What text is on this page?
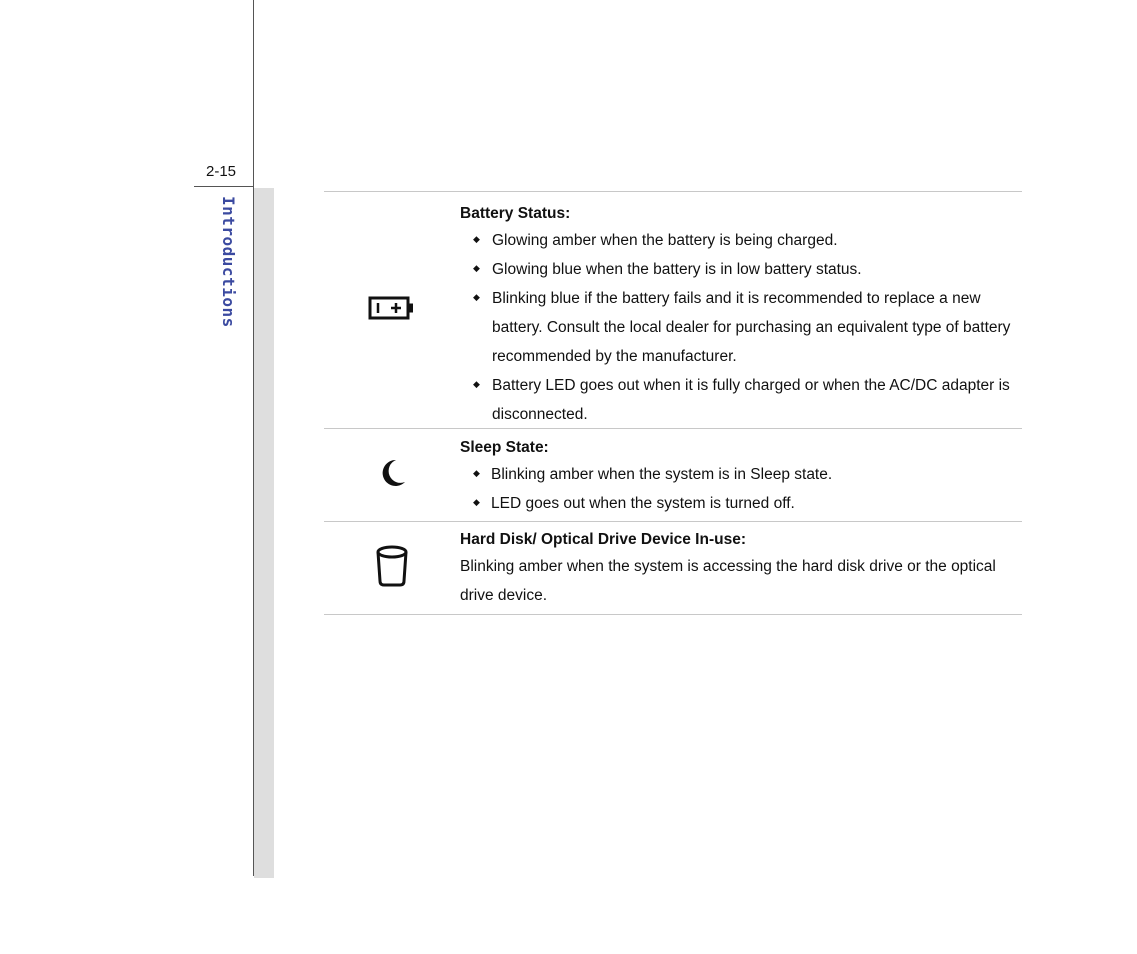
2-15
Introductions	Battery Status:
◆ Glowing amber when the battery is being charged.
◆ Glowing blue when the battery is in low battery status.
◆ Blinking blue if the battery fails and it is recommended to replace a new battery. Consult the local dealer for purchasing an equivalent type of battery recommended by the manufacturer.
◆ Battery LED goes out when it is fully charged or when the AC/DC adapter is disconnected.
Sleep State:
◆ Blinking amber when the system is in Sleep state.
◆ LED goes out when the system is turned off.
Hard Disk/ Optical Drive Device In-use:
Blinking amber when the system is accessing the hard disk drive or the optical drive device.
